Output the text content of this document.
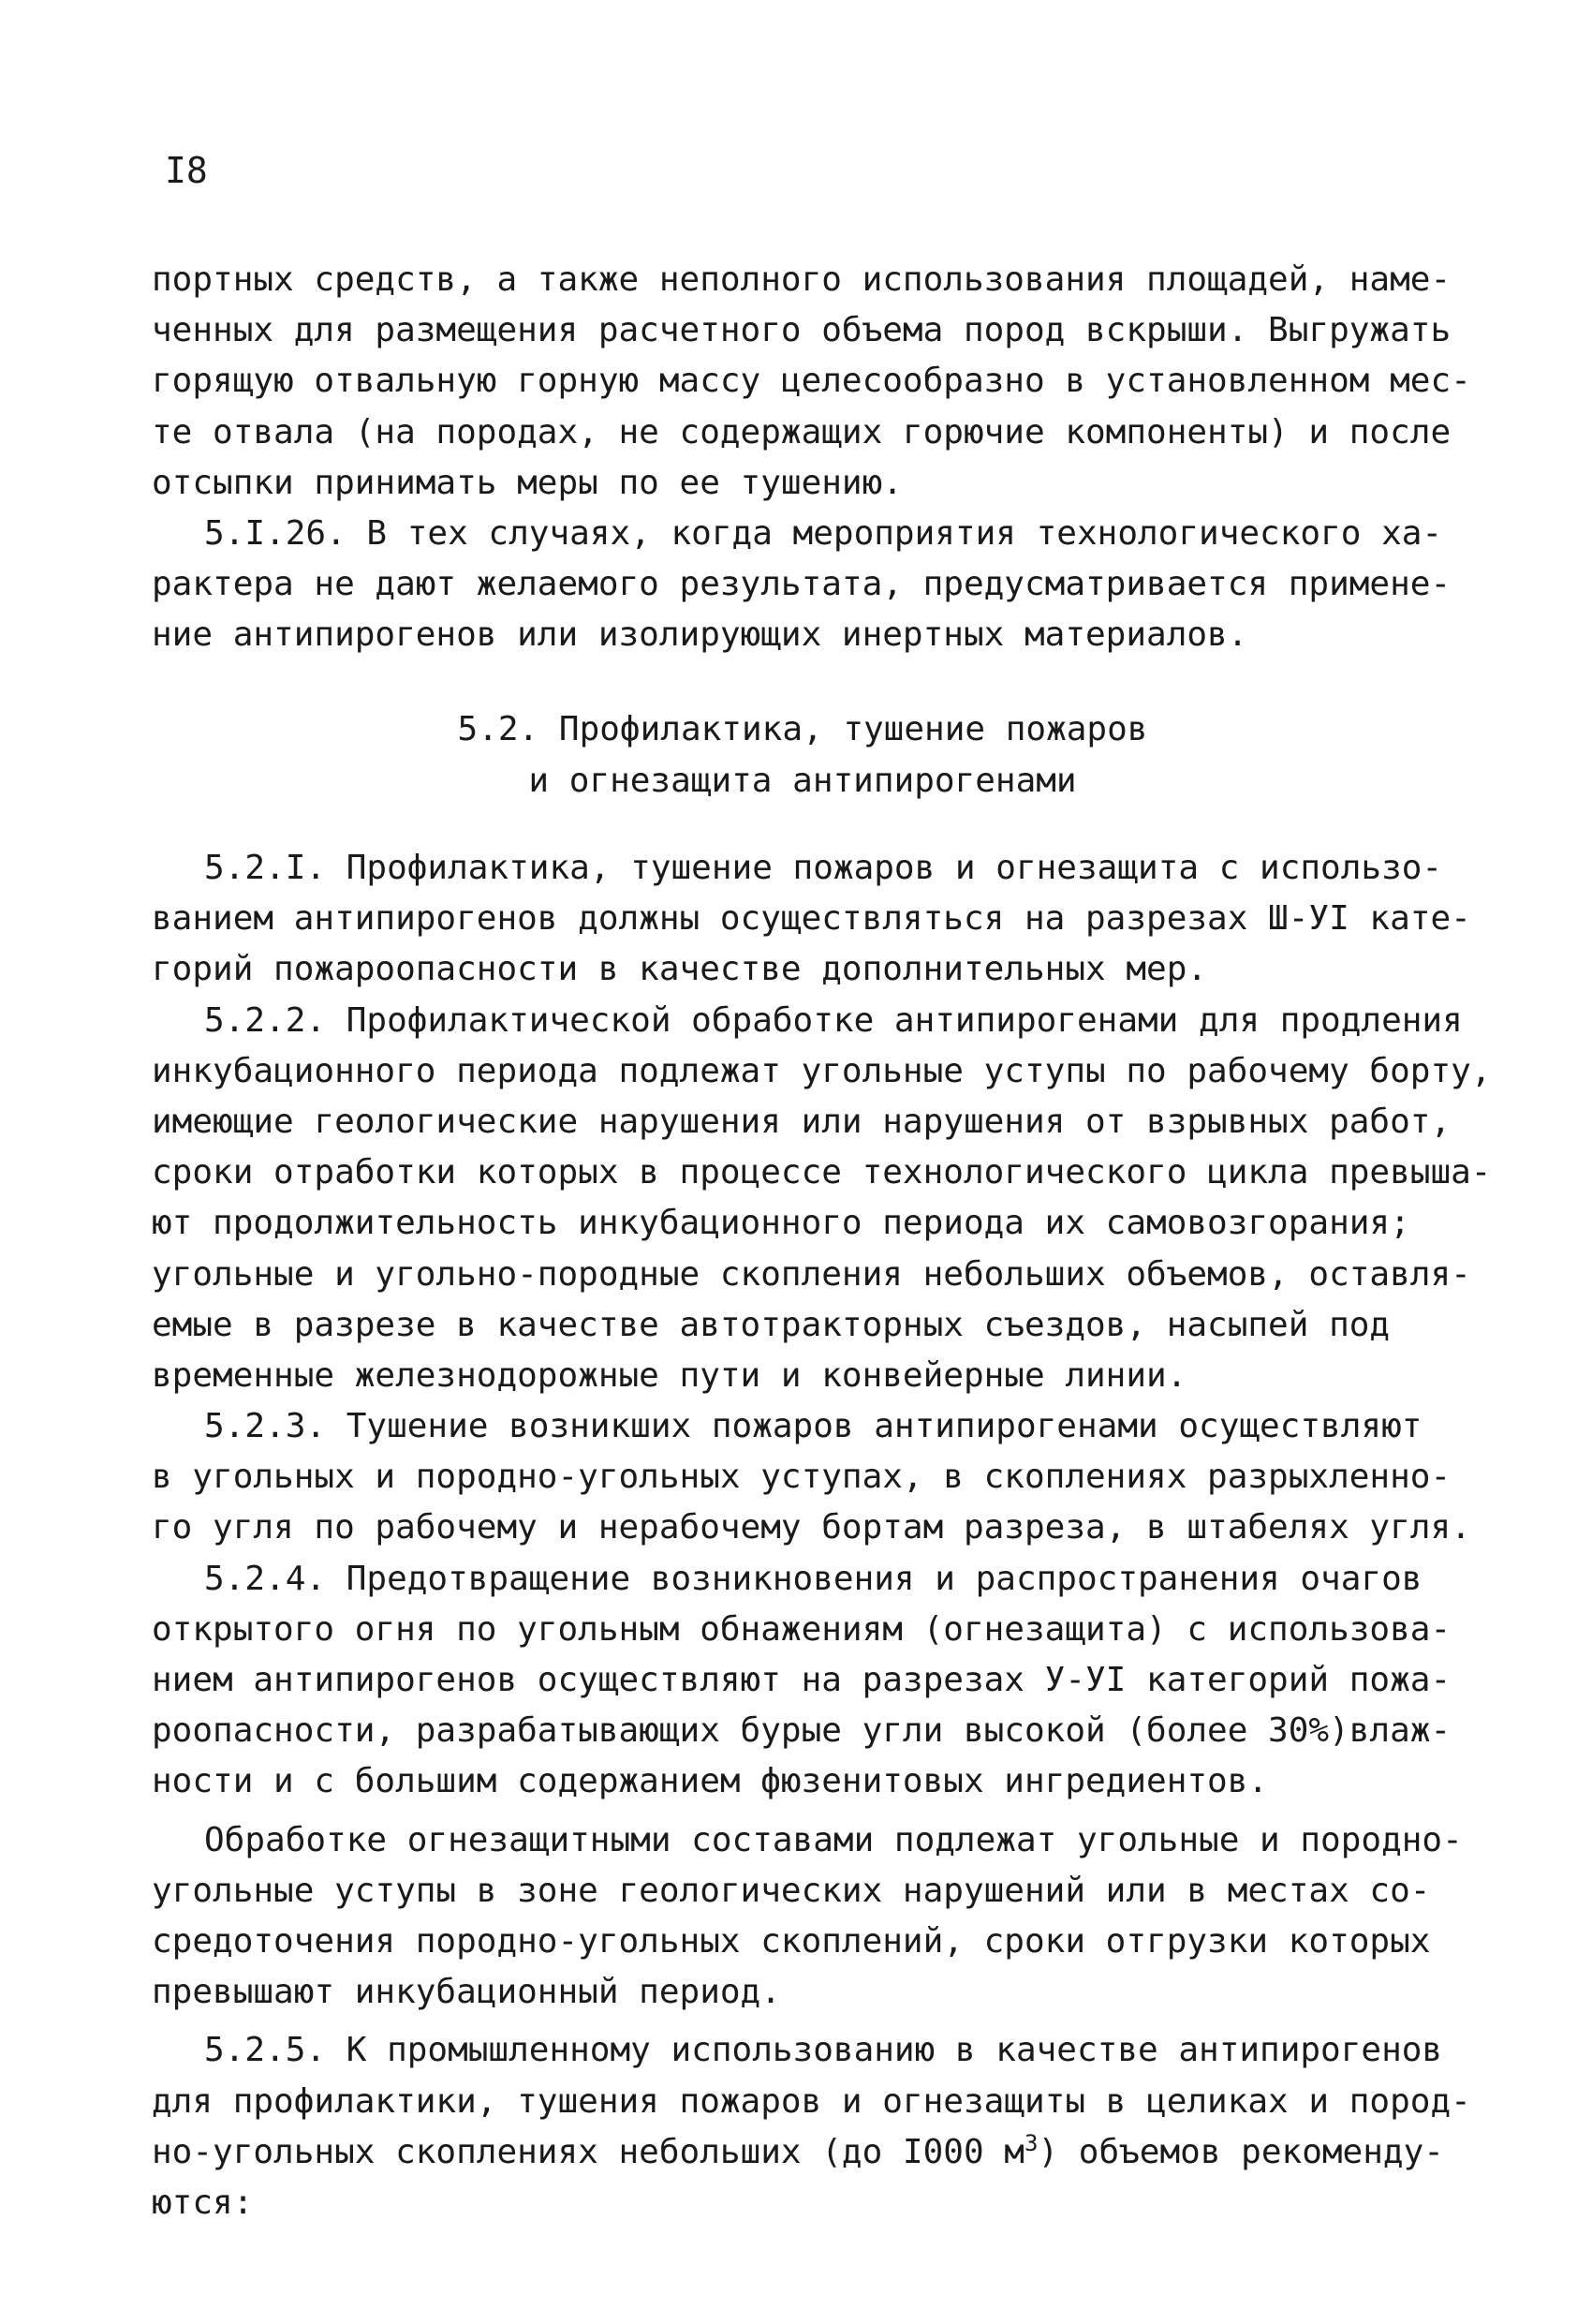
I8
портных средств, а также неполного использования площадей, наме-
ченных для размещения расчетного объема пород вскрыши. Выгружать
горящую отвальную горную массу целесообразно в установленном мес-
те отвала (на породах, не содержащих горючие компоненты) и после
отсыпки принимать меры по ее тушению.
5.I.26. В тех случаях, когда мероприятия технологического ха-
рактера не дают желаемого результата, предусматривается примене-
ние антипирогенов или изолирующих инертных материалов.
5.2. Профилактика, тушение пожаров
и огнезащита антипирогенами
5.2.I. Профилактика, тушение пожаров и огнезащита с использо-
ванием антипирогенов должны осуществляться на разрезах Ш-УI кате-
горий пожароопасности в качестве дополнительных мер.
5.2.2. Профилактической обработке антипирогенами для продления
инкубационного периода подлежат угольные уступы по рабочему борту,
имеющие геологические нарушения или нарушения от взрывных работ,
сроки отработки которых в процессе технологического цикла превыша-
ют продолжительность инкубационного периода их самовозгорания;
угольные и угольно-породные скопления небольших объемов, оставля-
емые в разрезе в качестве автотракторных съездов, насыпей под
временные железнодорожные пути и конвейерные линии.
5.2.3. Тушение возникших пожаров антипирогенами осуществляют
в угольных и породно-угольных уступах, в скоплениях разрыхленно-
го угля по рабочему и нерабочему бортам разреза, в штабелях угля.
5.2.4. Предотвращение возникновения и распространения очагов
открытого огня по угольным обнажениям (огнезащита) с использова-
нием антипирогенов осуществляют на разрезах У-УI категорий пожа-
роопасности, разрабатывающих бурые угли высокой (более 30%)влаж-
ности и с большим содержанием фюзенитовых ингредиентов.
Обработке огнезащитными составами подлежат угольные и породно-
угольные уступы в зоне геологических нарушений или в местах со-
средоточения породно-угольных скоплений, сроки отгрузки которых
превышают инкубационный период.
5.2.5. К промышленному использованию в качестве антипирогенов
для профилактики, тушения пожаров и огнезащиты в целиках и пород-
но-угольных скоплениях небольших (до I000 $м^3$) объемов рекоменду-
ются:
